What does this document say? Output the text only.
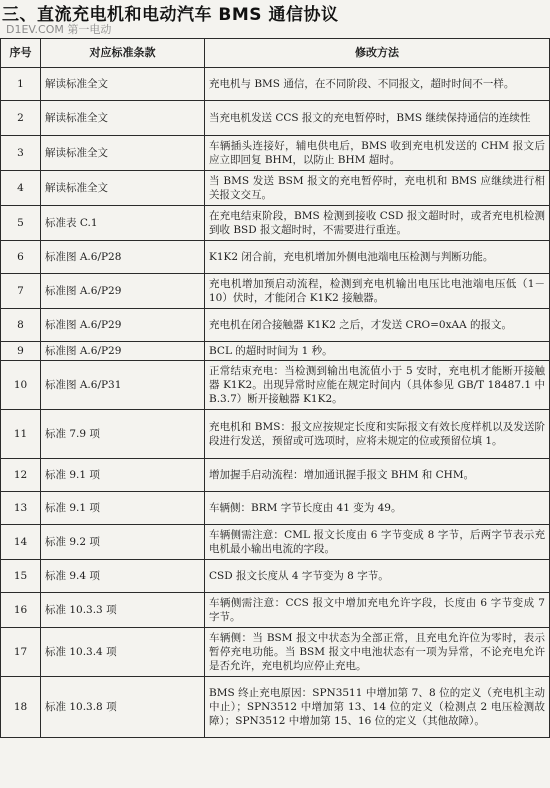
三、直流充电机和电动汽车 BMS 通信协议
D1EV.COM 第一电动
序号	对应标准条款	修改方法
1	解读标准全文	充电机与 BMS 通信，在不同阶段、不同报文，超时时间不一样。
2	解读标准全文	当充电机发送 CCS 报文的充电暂停时，BMS 继续保持通信的连续性
3	解读标准全文	车辆插头连接好，辅电供电后，BMS 收到充电机发送的 CHM 报文后应立即回复 BHM，以防止 BHM 超时。
4	解读标准全文	当 BMS 发送 BSM 报文的充电暂停时，充电机和 BMS 应继续进行相关报文交互。
5	标准表 C.1	在充电结束阶段，BMS 检测到接收 CSD 报文超时时，或者充电机检测到收 BSD 报文超时时，不需要进行重连。
6	标准图 A.6/P28	K1K2 闭合前，充电机增加外侧电池端电压检测与判断功能。
7	标准图 A.6/P29	充电机增加预启动流程，检测到充电机输出电压比电池端电压低（1－10）伏时，才能闭合 K1K2 接触器。
8	标准图 A.6/P29	充电机在闭合接触器 K1K2 之后，才发送 CRO=0xAA 的报文。
9	标准图 A.6/P29	BCL 的超时时间为 1 秒。
10	标准图 A.6/P31	正常结束充电：当检测到输出电流值小于 5 安时，充电机才能断开接触器 K1K2。出现异常时应能在规定时间内（具体参见 GB/T 18487.1 中 B.3.7）断开接触器 K1K2。
11	标准 7.9 项	充电机和 BMS：报文应按规定长度和实际报文有效长度样机以及发送阶段进行发送，预留或可选项时，应将未规定的位或预留位填 1。
12	标准 9.1 项	增加握手启动流程：增加通讯握手报文 BHM 和 CHM。
13	标准 9.1 项	车辆侧：BRM 字节长度由 41 变为 49。
14	标准 9.2 项	车辆侧需注意：CML 报文长度由 6 字节变成 8 字节，后两字节表示充电机最小输出电流的字段。
15	标准 9.4 项	CSD 报文长度从 4 字节变为 8 字节。
16	标准 10.3.3 项	车辆侧需注意：CCS 报文中增加充电允许字段，长度由 6 字节变成 7 字节。
17	标准 10.3.4 项	车辆侧：当 BSM 报文中状态为全部正常，且充电允许位为零时，表示暂停充电功能。当 BSM 报文中电池状态有一项为异常，不论充电允许是否允许，充电机均应停止充电。
18	标准 10.3.8 项	BMS 终止充电原因：SPN3511 中增加第 7、8 位的定义（充电机主动中止）；SPN3512 中增加第 13、14 位的定义（检测点 2 电压检测故障）；SPN3512 中增加第 15、16 位的定义（其他故障）。
